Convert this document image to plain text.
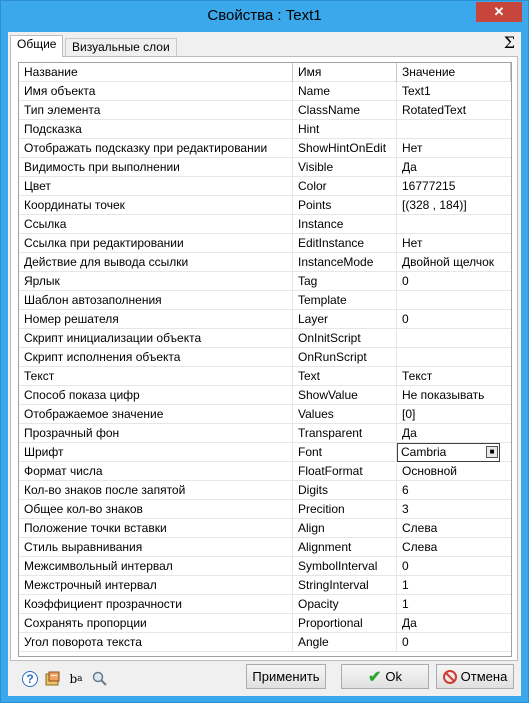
Свойства : Text1	✕
Общие	Визуальные слои	Σ
Название	Имя	Значение
Имя объекта	Name	Text1
Тип элемента	ClassName	RotatedText
Подсказка	Hint
Отображать подсказку при редактировании	ShowHintOnEdit	Нет
Видимость при выполнении	Visible	Да
Цвет	Color	16777215
Координаты точек	Points	[(328 , 184)]
Ссылка	Instance
Ссылка при редактировании	EditInstance	Нет
Действие для вывода ссылки	InstanceMode	Двойной щелчок
Ярлык	Tag	0
Шаблон автозаполнения	Template
Номер решателя	Layer	0
Скрипт инициализации объекта	OnInitScript
Скрипт исполнения объекта	OnRunScript
Текст	Text	Текст
Способ показа цифр	ShowValue	Не показывать
Отображаемое значение	Values	[0]
Прозрачный фон	Transparent	Да
Шрифт	Font	Cambria	■
Формат числа	FloatFormat	Основной
Кол-во знаков после запятой	Digits	6
Общее кол-во знаков	Precition	3
Положение точки вставки	Align	Слева
Стиль выравнивания	Alignment	Слева
Межсимвольный интервал	SymbolInterval	0
Межстрочный интервал	StringInterval	1
Коэффициент прозрачности	Opacity	1
Сохранять пропорции	Proportional	Да
Угол поворота текста	Angle	0
?	b a	Применить	✔ Ok	Отмена
